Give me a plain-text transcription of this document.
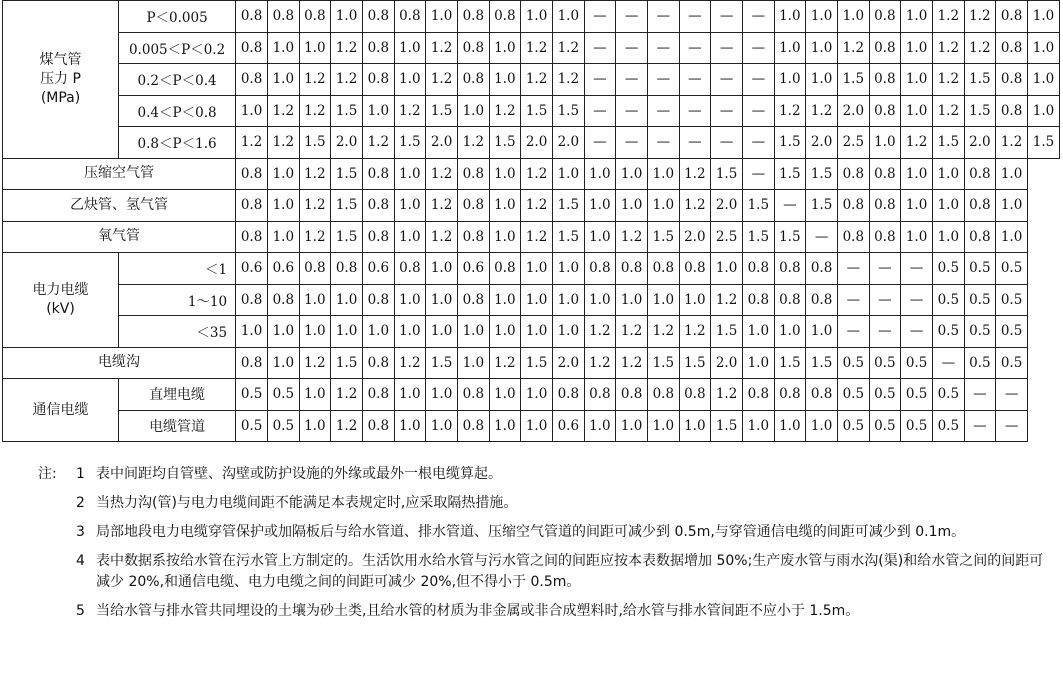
煤气管
压力 P
(MPa)	P＜0.005	0.8	0.8	0.8	1.0	0.8	0.8	1.0	0.8	0.8	1.0	1.0	—	—	—	—	—	—	1.0	1.0	1.0	0.8	1.0	1.2	1.2	0.8	1.0
	0.005＜P＜0.2	0.8	1.0	1.0	1.2	0.8	1.0	1.2	0.8	1.0	1.2	1.2	—	—	—	—	—	—	1.0	1.0	1.2	0.8	1.0	1.2	1.2	0.8	1.0
	0.2＜P＜0.4	0.8	1.0	1.2	1.2	0.8	1.0	1.2	0.8	1.0	1.2	1.2	—	—	—	—	—	—	1.0	1.0	1.5	0.8	1.0	1.2	1.5	0.8	1.0
	0.4＜P＜0.8	1.0	1.2	1.2	1.5	1.0	1.2	1.5	1.0	1.2	1.5	1.5	—	—	—	—	—	—	1.2	1.2	2.0	0.8	1.0	1.2	1.5	0.8	1.0
	0.8＜P＜1.6	1.2	1.2	1.5	2.0	1.2	1.5	2.0	1.2	1.5	2.0	2.0	—	—	—	—	—	—	1.5	2.0	2.5	1.0	1.2	1.5	2.0	1.2	1.5
压缩空气管		0.8	1.0	1.2	1.5	0.8	1.0	1.2	0.8	1.0	1.2	1.0	1.0	1.0	1.0	1.2	1.5	—	1.5	1.5	0.8	0.8	1.0	1.0	0.8	1.0	
乙炔管、氢气管		0.8	1.0	1.2	1.5	0.8	1.0	1.2	0.8	1.0	1.2	1.5	1.0	1.0	1.0	1.2	2.0	1.5	—	1.5	0.8	0.8	1.0	1.0	0.8	1.0	
氧气管		0.8	1.0	1.2	1.5	0.8	1.0	1.2	0.8	1.0	1.2	1.5	1.0	1.2	1.5	2.0	2.5	1.5	1.5	—	0.8	0.8	1.0	1.0	0.8	1.0	
电力电缆
(kV)	＜1	0.6	0.6	0.8	0.8	0.6	0.8	1.0	0.6	0.8	1.0	1.0	0.8	0.8	0.8	0.8	1.0	0.8	0.8	0.8	—	—	—	0.5	0.5	0.5	
	1～10	0.8	0.8	1.0	1.0	0.8	1.0	1.0	0.8	1.0	1.0	1.0	1.0	1.0	1.0	1.0	1.2	0.8	0.8	0.8	—	—	—	0.5	0.5	0.5	
	＜35	1.0	1.0	1.0	1.0	1.0	1.0	1.0	1.0	1.0	1.0	1.0	1.2	1.2	1.2	1.2	1.5	1.0	1.0	1.0	—	—	—	0.5	0.5	0.5	
电缆沟		0.8	1.0	1.2	1.5	0.8	1.2	1.5	1.0	1.2	1.5	2.0	1.2	1.2	1.5	1.5	2.0	1.0	1.5	1.5	0.5	0.5	0.5	—	0.5	0.5	
通信电缆	直埋电缆	0.5	0.5	1.0	1.2	0.8	1.0	1.0	0.8	1.0	1.0	0.8	0.8	0.8	0.8	0.8	1.2	0.8	0.8	0.8	0.5	0.5	0.5	0.5	—	—	
	电缆管道	0.5	0.5	1.0	1.2	0.8	1.0	1.0	0.8	1.0	1.0	0.6	1.0	1.0	1.0	1.0	1.5	1.0	1.0	1.0	0.5	0.5	0.5	0.5	—	—	
注: 1 表中间距均自管壁、沟壁或防护设施的外缘或最外一根电缆算起。
2 当热力沟(管)与电力电缆间距不能满足本表规定时,应采取隔热措施。
3 局部地段电力电缆穿管保护或加隔板后与给水管道、排水管道、压缩空气管道的间距可减少到 0.5m,与穿管通信电缆的间距可减少到 0.1m。
4 表中数据系按给水管在污水管上方制定的。生活饮用水给水管与污水管之间的间距应按本表数据增加 50%;生产废水管与雨水沟(渠)和给水管之间的间距可减少 20%,和通信电缆、电力电缆之间的间距可减少 20%,但不得小于 0.5m。
5 当给水管与排水管共同埋设的土壤为砂土类,且给水管的材质为非金属或非合成塑料时,给水管与排水管间距不应小于 1.5m。
